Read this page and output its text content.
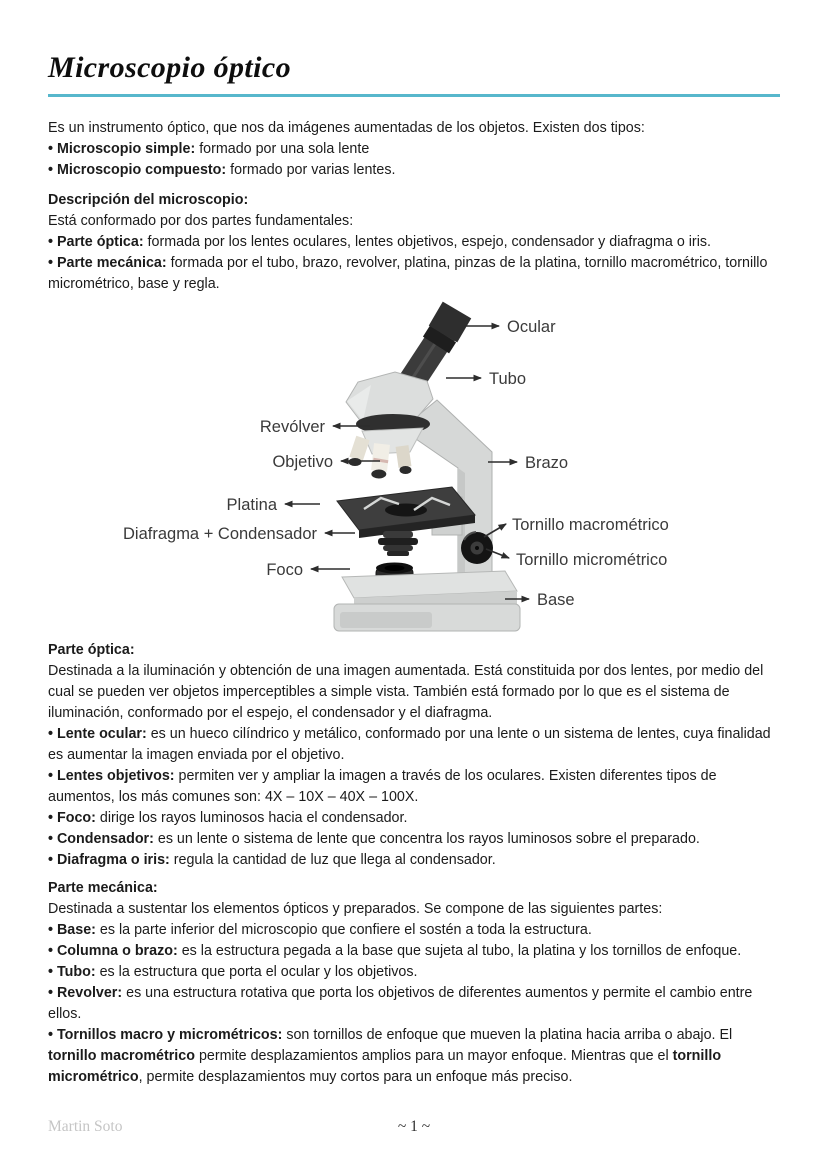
Microscopio óptico

Es un instrumento óptico, que nos da imágenes aumentadas de los objetos. Existen dos tipos:

• Microscopio simple: formado por una sola lente

• Microscopio compuesto: formado por varias lentes.

Descripción del microscopio:

Está conformado por dos partes fundamentales:

• Parte óptica: formada por los lentes oculares, lentes objetivos, espejo, condensador y diafragma o iris.

• Parte mecánica: formada por el tubo, brazo, revolver, platina, pinzas de la platina, tornillo macrométrico, tornillo micrométrico, base y regla.

Ocular
Tubo
Revólver
Objetivo	Brazo
Platina
Diafragma + Condensador
Foco
Tornillo macrométrico
Tornillo micrométrico
Base

Parte óptica:

Destinada a la iluminación y obtención de una imagen aumentada. Está constituida por dos lentes, por medio del cual se pueden ver objetos imperceptibles a simple vista. También está formado por lo que es el sistema de iluminación, conformado por el espejo, el condensador y el diafragma.

• Lente ocular: es un hueco cilíndrico y metálico, conformado por una lente o un sistema de lentes, cuya finalidad es aumentar la imagen enviada por el objetivo.

• Lentes objetivos: permiten ver y ampliar la imagen a través de los oculares. Existen diferentes tipos de aumentos, los más comunes son: 4X – 10X – 40X – 100X.

• Foco: dirige los rayos luminosos hacia el condensador.

• Condensador: es un lente o sistema de lente que concentra los rayos luminosos sobre el preparado.

• Diafragma o iris: regula la cantidad de luz que llega al condensador.

Parte mecánica:

Destinada a sustentar los elementos ópticos y preparados. Se compone de las siguientes partes:

• Base: es la parte inferior del microscopio que confiere el sostén a toda la estructura.

• Columna o brazo: es la estructura pegada a la base que sujeta al tubo, la platina y los tornillos de enfoque.

• Tubo: es la estructura que porta el ocular y los objetivos.

• Revolver: es una estructura rotativa que porta los objetivos de diferentes aumentos y permite el cambio entre ellos.

• Tornillos macro y micrométricos: son tornillos de enfoque que mueven la platina hacia arriba o abajo. El tornillo macrométrico permite desplazamientos amplios para un mayor enfoque. Mientras que el tornillo micrométrico, permite desplazamientos muy cortos para un enfoque más preciso.

Martin Soto	~ 1 ~
